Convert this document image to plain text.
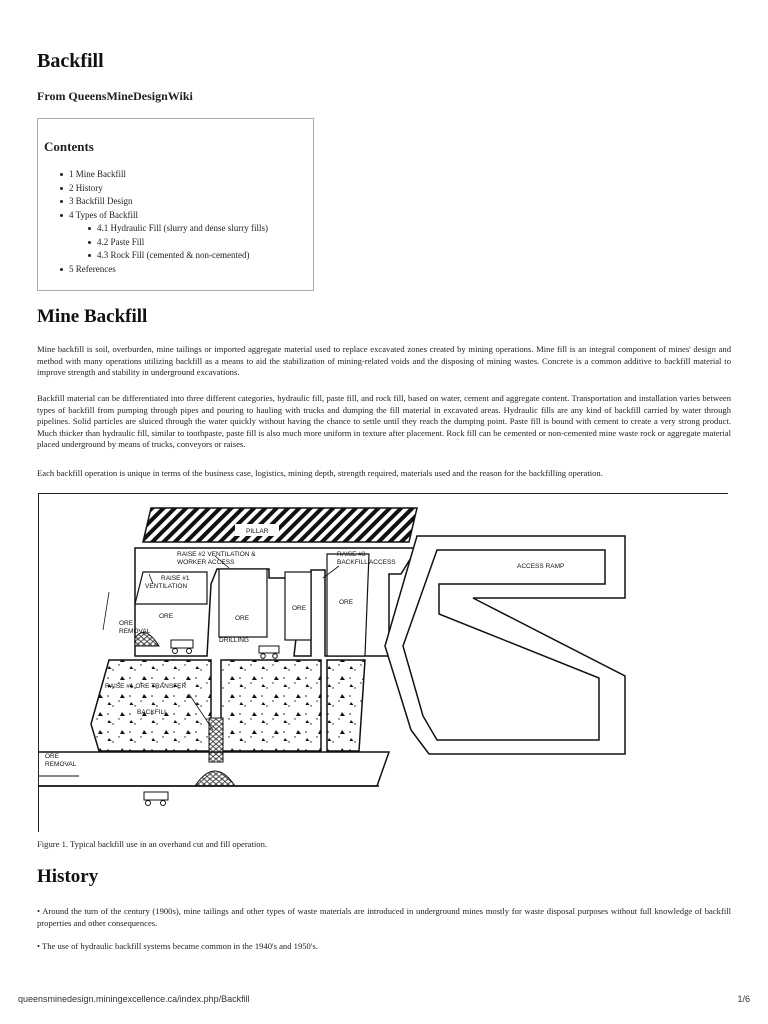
Backfill
From QueensMineDesignWiki
Contents
1 Mine Backfill
2 History
3 Backfill Design
4 Types of Backfill
4.1 Hydraulic Fill (slurry and dense slurry fills)
4.2 Paste Fill
4.3 Rock Fill (cemented & non-cemented)
5 References
Mine Backfill

Mine backfill is soil, overburden, mine tailings or imported aggregate material used to replace excavated zones created by mining operations. Mine fill is an integral component of mines' design and method with many operations utilizing backfill as a means to aid the stabilization of mining-related voids and the disposing of mining wastes. Concrete is a common additive to backfill material to improve strength and stability in underground excavations.

Backfill material can be differentiated into three different categories, hydraulic fill, paste fill, and rock fill, based on water, cement and aggregate content. Transportation and installation varies between types of backfill from pumping through pipes and pouring to hauling with trucks and dumping the fill material in excavated areas. Hydraulic fills are any kind of backfill carried by water through pipelines. Solid particles are sluiced through the water quickly without having the chance to settle until they reach the dumping point. Paste fill is bound with cement to create a very strong product. Much thicker than hydraulic fill, similar to toothpaste, paste fill is also much more uniform in texture after placement. Rock fill can be cemented or non-cemented mine waste rock or aggregate material placed underground by means of trucks, conveyors or raises.

Each backfill operation is unique in terms of the business case, logistics, mining depth, strength required, materials used and the reason for the backfilling operation.

PILLAR
RAISE #2 VENTILATION &
WORKER ACCESS
RAISE #3
BACKFILL ACCESS
ACCESS RAMP
RAISE #1
VENTILATION
ORE	ORE
ORE
ORE
ORE
REMOVAL
DRILLING
RAISE #1 ORE TRANSFER
BACKFILL
ORE
REMOVAL
Figure 1. Typical backfill use in an overhand cut and fill operation.
History

• Around the turn of the century (1900s), mine tailings and other types of waste materials are introduced in underground mines mostly for waste disposal purposes without full knowledge of backfill properties and other consequences.

• The use of hydraulic backfill systems became common in the 1940's and 1950's.

queensminedesign.miningexcellence.ca/index.php/Backfill	1/6
